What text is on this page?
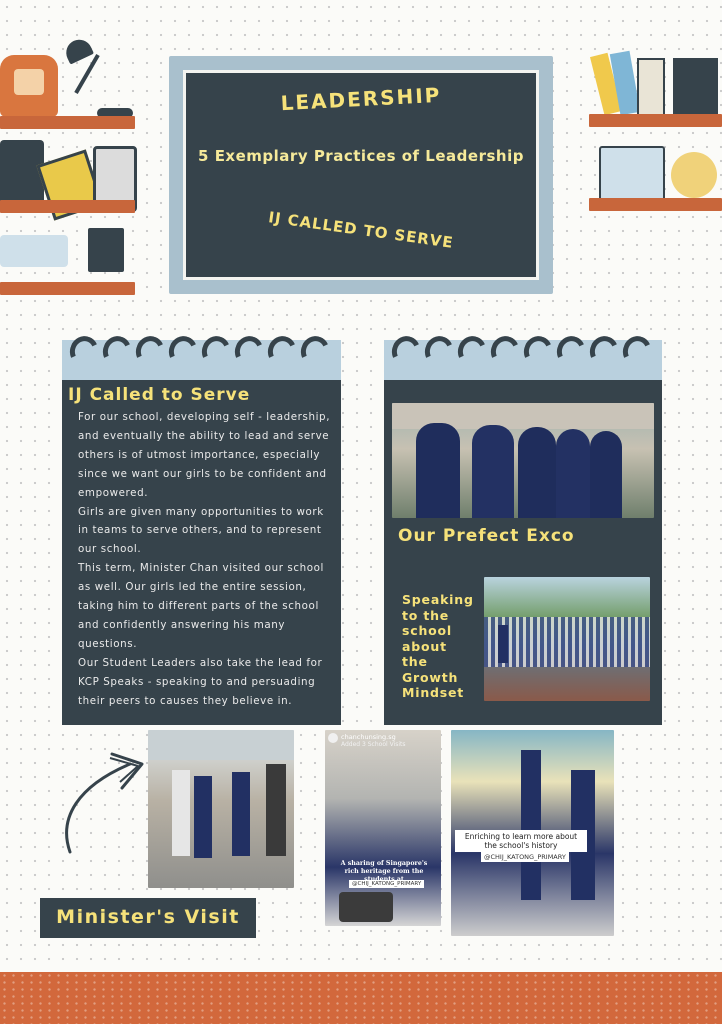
LEADERSHIP
5 Exemplary Practices of Leadership
IJ CALLED TO SERVE
IJ Called to Serve

For our school, developing self - leadership, and eventually the ability to lead and serve others is of utmost importance, especially since we want our girls to be confident and empowered.

Girls are given many opportunities to work in teams to serve others, and to represent our school.

This term, Minister Chan visited our school as well. Our girls led the entire session, taking him to different parts of the school and confidently answering his many questions.

Our Student Leaders also take the lead for KCP Speaks - speaking to and persuading their peers to causes they believe in.

Our Prefect Exco
Speaking to the school about the Growth Mindset
Minister's Visit
chanchunsing.sg
Added 3 School Visits
A sharing of Singapore's rich heritage from the
@CHIJ_KATONG_PRIMARY
Enriching to learn more about the school's history
@CHIJ_KATONG_PRIMARY
